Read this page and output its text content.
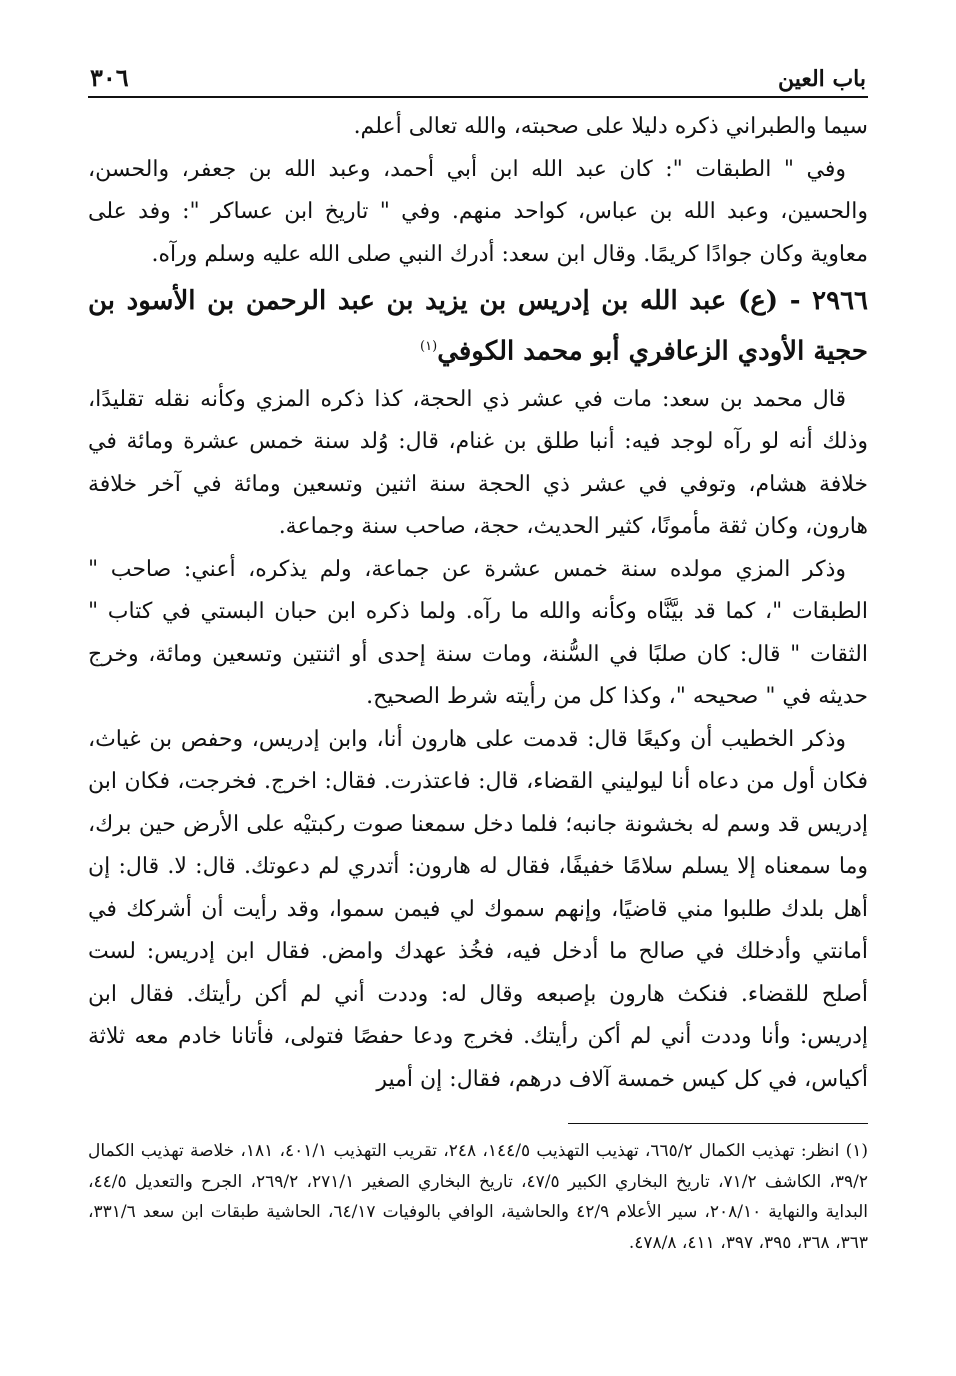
باب العين
٣٠٦

سيما والطبراني ذكره دليلا على صحبته، والله تعالى أعلم.

وفي " الطبقات ": كان عبد الله ابن أبي أحمد، وعبد الله بن جعفر، والحسن، والحسين، وعبد الله بن عباس، كواحد منهم. وفي " تاريخ ابن عساكر ": وفد على معاوية وكان جوادًا كريمًا. وقال ابن سعد: أدرك النبي صلى الله عليه وسلم ورآه.

٢٩٦٦ - (ع) عبد الله بن إدريس بن يزيد بن عبد الرحمن بن الأسود بن حجية الأودي الزعافري أبو محمد الكوفي$^{(١)}$

قال محمد بن سعد: مات في عشر ذي الحجة، كذا ذكره المزي وكأنه نقله تقليدًا، وذلك أنه لو رآه لوجد فيه: أنبا طلق بن غنام، قال: وُلد سنة خمس عشرة ومائة في خلافة هشام، وتوفي في عشر ذي الحجة سنة اثنين وتسعين ومائة في آخر خلافة هارون، وكان ثقة مأمونًا، كثير الحديث، حجة، صاحب سنة وجماعة.

وذكر المزي مولده سنة خمس عشرة عن جماعة، ولم يذكره، أعني: صاحب " الطبقات "، كما قد بيَّنَّاه وكأنه والله ما رآه. ولما ذكره ابن حبان البستي في كتاب " الثقات " قال: كان صلبًا في السُّنة، ومات سنة إحدى أو اثنتين وتسعين ومائة، وخرج حديثه في " صحيحه "، وكذا كل من رأيته شرط الصحيح.

وذكر الخطيب أن وكيعًا قال: قدمت على هارون أنا، وابن إدريس، وحفص بن غياث، فكان أول من دعاه أنا ليوليني القضاء، قال: فاعتذرت. فقال: اخرج. فخرجت، فكان ابن إدريس قد وسم له بخشونة جانبه؛ فلما دخل سمعنا صوت ركبتيْه على الأرض حين برك، وما سمعناه إلا يسلم سلامًا خفيفًا، فقال له هارون: أتدري لم دعوتك. قال: لا. قال: إن أهل بلدك طلبوا مني قاضيًا، وإنهم سموك لي فيمن سموا، وقد رأيت أن أشركك في أمانتي وأدخلك في صالح ما أدخل فيه، فخُذ عهدك وامض. فقال ابن إدريس: لست أصلح للقضاء. فنكث هارون بإصبعه وقال له: وددت أني لم أكن رأيتك. فقال ابن إدريس: وأنا وددت أني لم أكن رأيتك. فخرج ودعا حفصًا فتولى، فأتانا خادم معه ثلاثة أكياس، في كل كيس خمسة آلاف درهم، فقال: إن أمير

(١) انظر: تهذيب الكمال ٦٦٥/٢، تهذيب التهذيب ١٤٤/٥، ٢٤٨، تقريب التهذيب ٤٠١/١، ١٨١، خلاصة تهذيب الكمال ٣٩/٢، الكاشف ٧١/٢، تاريخ البخاري الكبير ٤٧/٥، تاريخ البخاري الصغير ٢٧١/١، ٢٦٩/٢، الجرح والتعديل ٤٤/٥، البداية والنهاية ٢٠٨/١٠، سير الأعلام ٤٢/٩ والحاشية، الوافي بالوفيات ٦٤/١٧، الحاشية طبقات ابن سعد ٣٣١/٦، ٣٦٣، ٣٦٨، ٣٩٥، ٣٩٧، ٤١١، ٤٧٨/٨.
